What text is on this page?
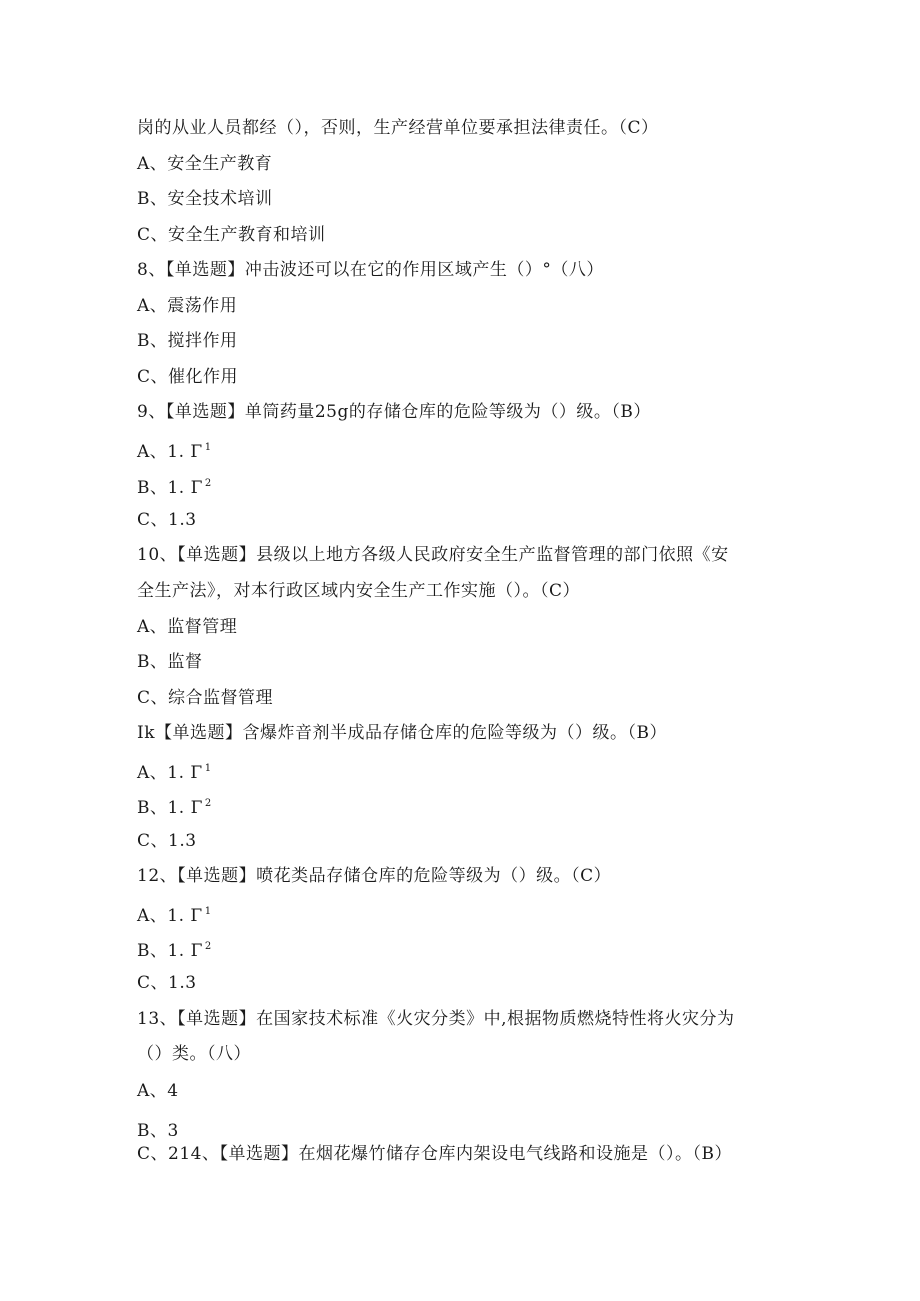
岗的从业人员都经（），否则，生产经营单位要承担法律责任。（C）
A、安全生产教育
B、安全技术培训
C、安全生产教育和培训
8、【单选题】冲击波还可以在它的作用区域产生（）°（八）
A、震荡作用
B、搅拌作用
C、催化作用
9、【单选题】单筒药量25g的存储仓库的危险等级为（）级。（B）
A、1. Γ $^1$
B、1. Γ $^2$
C、1.3
10、【单选题】县级以上地方各级人民政府安全生产监督管理的部门依照《安
全生产法》，对本行政区域内安全生产工作实施（）。（C）
A、监督管理
B、监督
C、综合监督管理
Ik【单选题】含爆炸音剂半成品存储仓库的危险等级为（）级。（B）
A、1. Γ $^1$
B、1. Γ $^2$
C、1.3
12、【单选题】喷花类品存储仓库的危险等级为（）级。（C）
A、1. Γ $^1$
B、1. Γ $^2$
C、1.3
13、【单选题】在国家技术标准《火灾分类》中,根据物质燃烧特性将火灾分为
（）类。（八）
A、4
B、3
C、214、【单选题】在烟花爆竹储存仓库内架设电气线路和设施是（）。（B）
